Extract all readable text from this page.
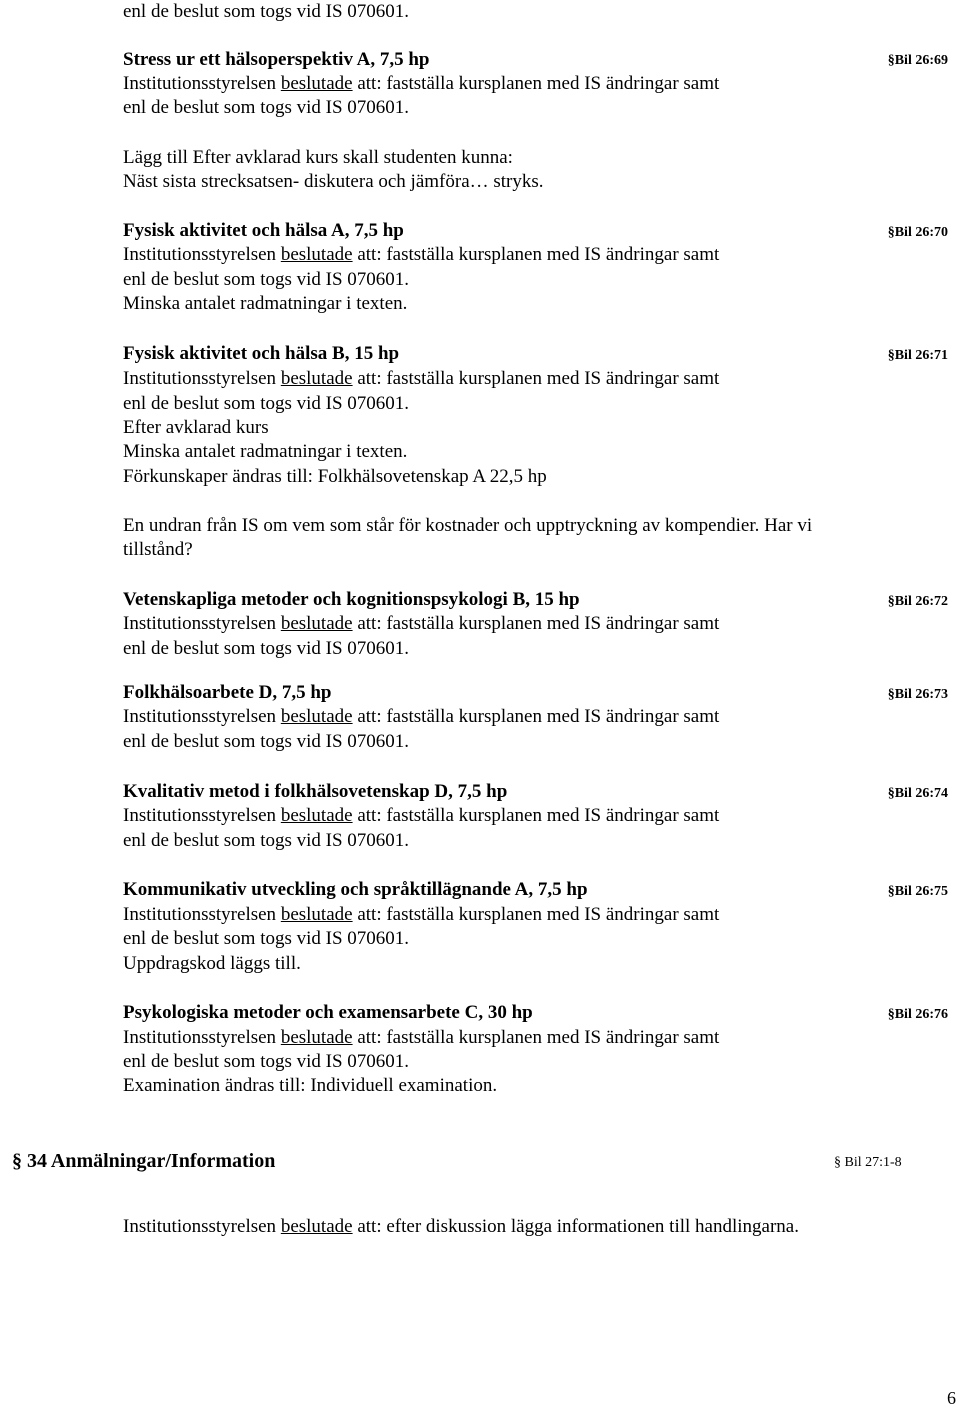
enl de beslut som togs vid IS 070601.
Stress ur ett hälsoperspektiv A, 7,5 hp	§Bil 26:69
Institutionsstyrelsen beslutade att: fastställa kursplanen med IS ändringar samt
enl de beslut som togs vid IS 070601.
Lägg till Efter avklarad kurs skall studenten kunna:
Näst sista strecksatsen- diskutera och jämföra… stryks.
Fysisk aktivitet och hälsa A, 7,5 hp	§Bil 26:70
Institutionsstyrelsen beslutade att: fastställa kursplanen med IS ändringar samt
enl de beslut som togs vid IS 070601.
Minska antalet radmatningar i texten.
Fysisk aktivitet och hälsa B, 15 hp	§Bil 26:71
Institutionsstyrelsen beslutade att: fastställa kursplanen med IS ändringar samt
enl de beslut som togs vid IS 070601.
Efter avklarad kurs
Minska antalet radmatningar i texten.
Förkunskaper ändras till: Folkhälsovetenskap A 22,5 hp
En undran från IS om vem som står för kostnader och upptryckning av kompendier. Har vi
tillstånd?
Vetenskapliga metoder och kognitionspsykologi B, 15 hp	§Bil 26:72
Institutionsstyrelsen beslutade att: fastställa kursplanen med IS ändringar samt
enl de beslut som togs vid IS 070601.
Folkhälsoarbete D, 7,5 hp	§Bil 26:73
Institutionsstyrelsen beslutade att: fastställa kursplanen med IS ändringar samt
enl de beslut som togs vid IS 070601.
Kvalitativ metod i folkhälsovetenskap D, 7,5 hp	§Bil 26:74
Institutionsstyrelsen beslutade att: fastställa kursplanen med IS ändringar samt
enl de beslut som togs vid IS 070601.
Kommunikativ utveckling och språktillägnande A, 7,5 hp	§Bil 26:75
Institutionsstyrelsen beslutade att: fastställa kursplanen med IS ändringar samt
enl de beslut som togs vid IS 070601.
Uppdragskod läggs till.
Psykologiska metoder och examensarbete C, 30 hp	§Bil 26:76
Institutionsstyrelsen beslutade att: fastställa kursplanen med IS ändringar samt
enl de beslut som togs vid IS 070601.
Examination ändras till: Individuell examination.
§ 34 Anmälningar/Information	§ Bil 27:1-8
Institutionsstyrelsen beslutade att: efter diskussion lägga informationen till handlingarna.
6
